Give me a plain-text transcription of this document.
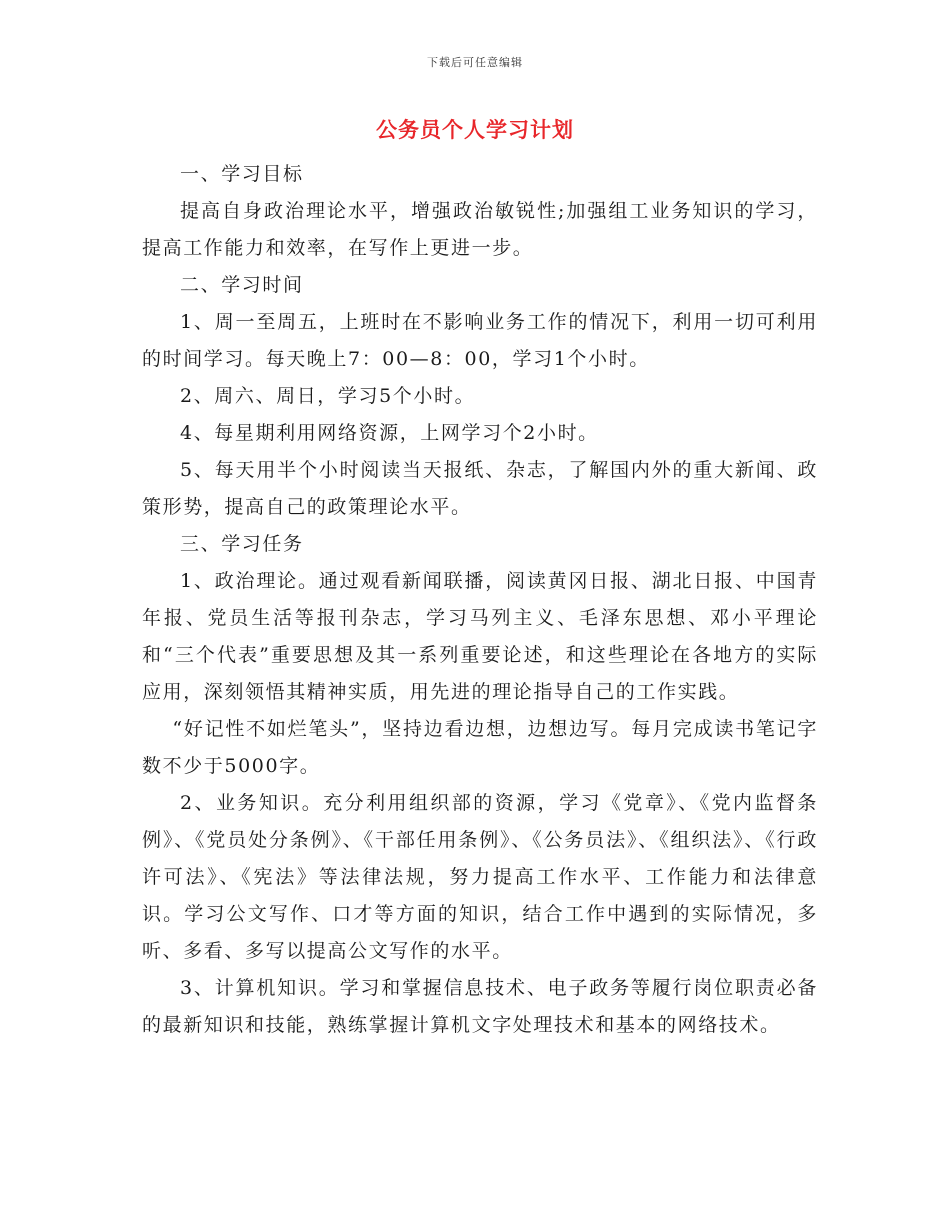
下载后可任意编辑
公务员个人学习计划

一、学习目标

提高自身政治理论水平，增强政治敏锐性;加强组工业务知识的学习，提高工作能力和效率，在写作上更进一步。

二、学习时间

1、周一至周五，上班时在不影响业务工作的情况下，利用一切可利用的时间学习。每天晚上7：00—8：00，学习1个小时。

2、周六、周日，学习5个小时。

4、每星期利用网络资源，上网学习个2小时。

5、每天用半个小时阅读当天报纸、杂志，了解国内外的重大新闻、政策形势，提高自己的政策理论水平。

三、学习任务

1、政治理论。通过观看新闻联播，阅读黄冈日报、湖北日报、中国青年报、党员生活等报刊杂志，学习马列主义、毛泽东思想、邓小平理论和“三个代表”重要思想及其一系列重要论述，和这些理论在各地方的实际应用，深刻领悟其精神实质，用先进的理论指导自己的工作实践。

“好记性不如烂笔头”，坚持边看边想，边想边写。每月完成读书笔记字数不少于5000字。

2、业务知识。充分利用组织部的资源，学习《党章》、《党内监督条例》、《党员处分条例》、《干部任用条例》、《公务员法》、《组织法》、《行政许可法》、《宪法》等法律法规，努力提高工作水平、工作能力和法律意识。学习公文写作、口才等方面的知识，结合工作中遇到的实际情况，多听、多看、多写以提高公文写作的水平。

3、计算机知识。学习和掌握信息技术、电子政务等履行岗位职责必备的最新知识和技能，熟练掌握计算机文字处理技术和基本的网络技术。
